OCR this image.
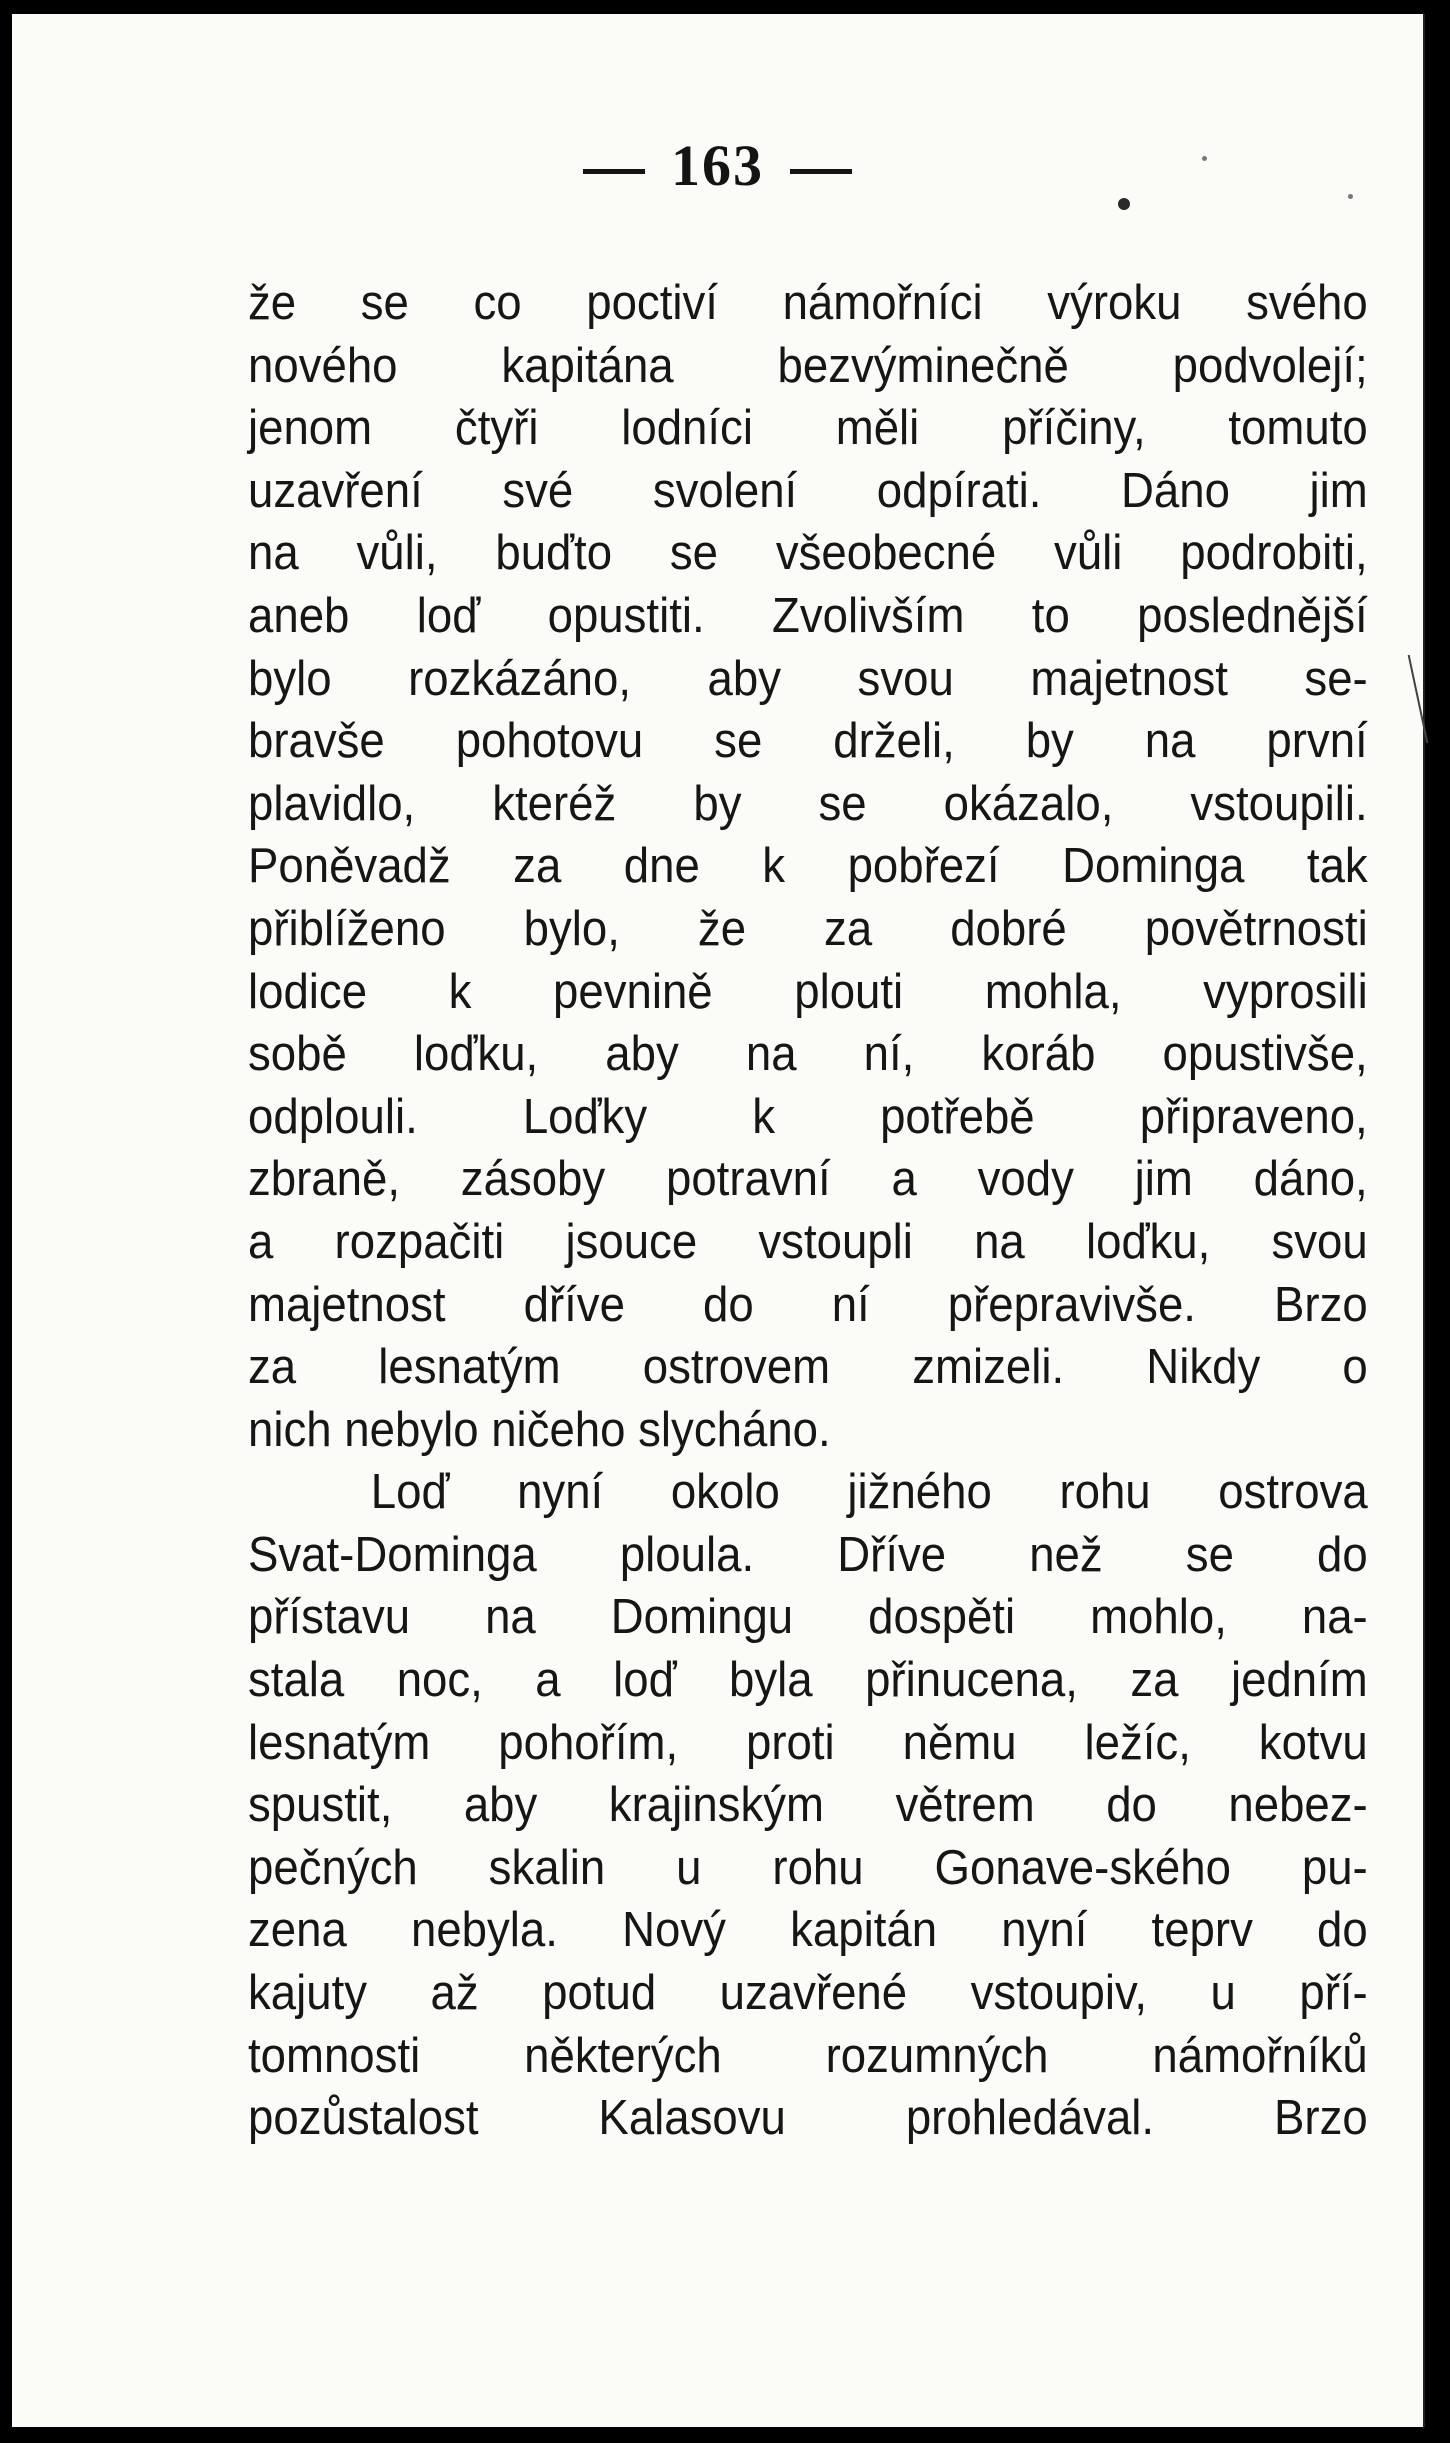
163
že se co poctiví námořníci výroku svého
nového kapitána bezvýminečně podvolejí;
jenom čtyři lodníci měli příčiny, tomuto
uzavření své svolení odpírati. Dáno jim
na vůli, buďto se všeobecné vůli podrobiti,
aneb loď opustiti. Zvolivším to poslednější
bylo rozkázáno, aby svou majetnost se-
bravše pohotovu se drželi, by na první
plavidlo, kteréž by se okázalo, vstoupili.
Poněvadž za dne k pobřezí Dominga tak
přiblíženo bylo, že za dobré povětrnosti
lodice k pevnině plouti mohla, vyprosili
sobě loďku, aby na ní, koráb opustivše,
odplouli. Loďky k potřebě připraveno,
zbraně, zásoby potravní a vody jim dáno,
a rozpačiti jsouce vstoupli na loďku, svou
majetnost dříve do ní přepravivše. Brzo
za lesnatým ostrovem zmizeli. Nikdy o
nich nebylo ničeho slycháno.
Loď nyní okolo jižného rohu ostrova
Svat-Dominga ploula. Dříve než se do
přístavu na Domingu dospěti mohlo, na-
stala noc, a loď byla přinucena, za jedním
lesnatým pohořím, proti němu ležíc, kotvu
spustit, aby krajinským větrem do nebez-
pečných skalin u rohu Gonave-ského pu-
zena nebyla. Nový kapitán nyní teprv do
kajuty až potud uzavřené vstoupiv, u pří-
tomnosti některých rozumných námořníků
pozůstalost Kalasovu prohledával. Brzo
